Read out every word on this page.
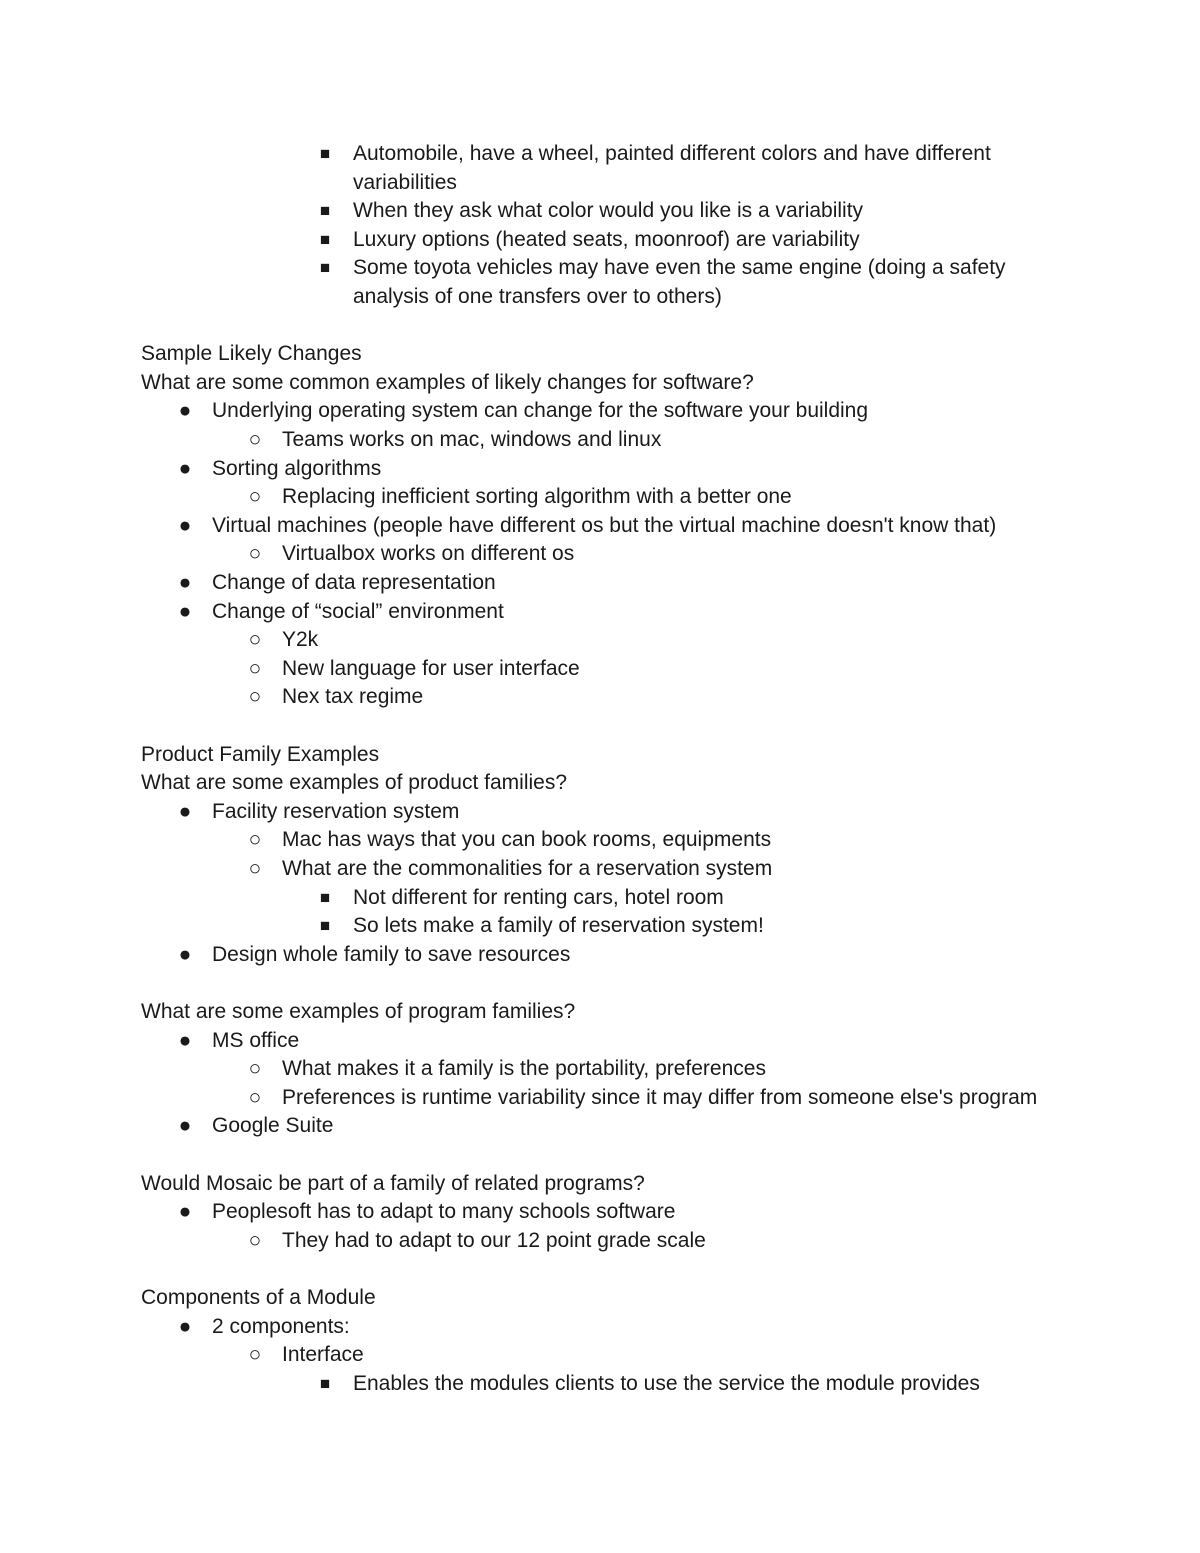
Automobile, have a wheel, painted different colors and have different
■
variabilities
When they ask what color would you like is a variability
■
Luxury options (heated seats, moonroof) are variability
■
Some toyota vehicles may have even the same engine (doing a safety
■
analysis of one transfers over to others)
Sample Likely Changes
What are some common examples of likely changes for software?
Underlying operating system can change for the software your building
●
Teams works on mac, windows and linux
○
Sorting algorithms
●
Replacing inefficient sorting algorithm with a better one
○
Virtual machines (people have different os but the virtual machine doesn't know that)
●
Virtualbox works on different os
○
Change of data representation
●
Change of “social” environment
●
Y2k
○
New language for user interface
○
Nex tax regime
○
Product Family Examples
What are some examples of product families?
Facility reservation system
●
Mac has ways that you can book rooms, equipments
○
What are the commonalities for a reservation system
○
Not different for renting cars, hotel room
■
So lets make a family of reservation system!
■
Design whole family to save resources
●
What are some examples of program families?
MS office
●
What makes it a family is the portability, preferences
○
Preferences is runtime variability since it may differ from someone else's program
○
Google Suite
●
Would Mosaic be part of a family of related programs?
Peoplesoft has to adapt to many schools software
●
They had to adapt to our 12 point grade scale
○
Components of a Module
2 components:
●
Interface
○
Enables the modules clients to use the service the module provides
■
